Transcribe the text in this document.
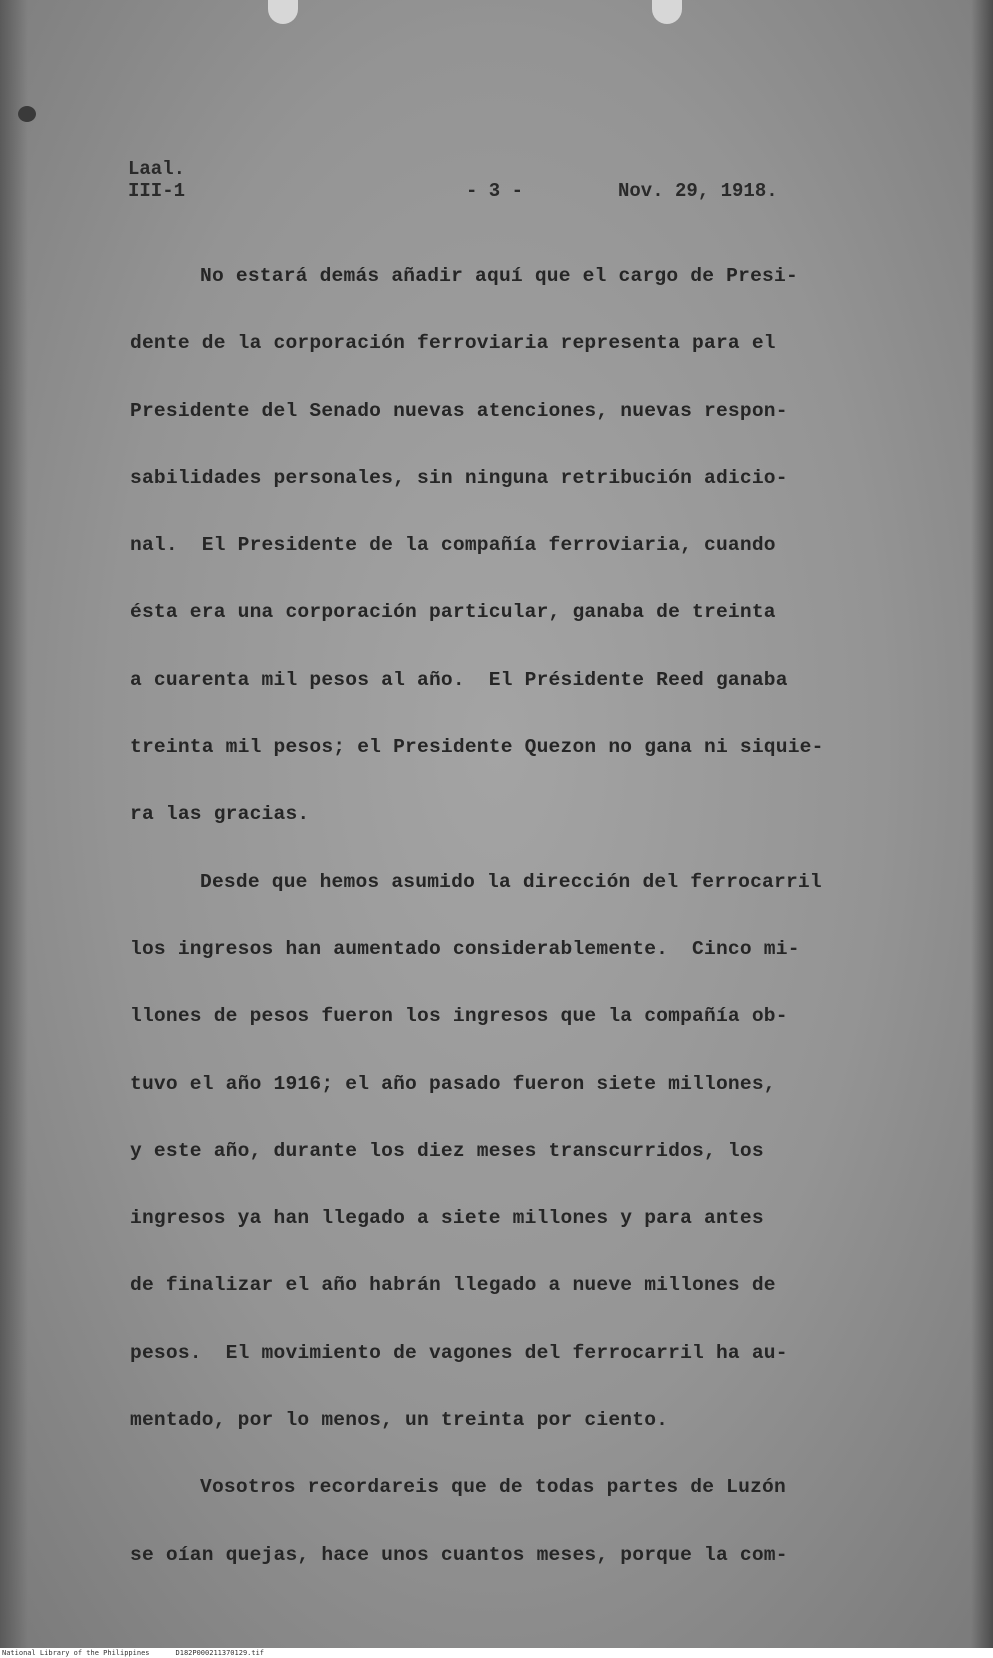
Laal.
III-1	- 3 -	Nov. 29, 1918.
No estará demás añadir aquí que el cargo de Presi-
dente de la corporación ferroviaria representa para el
Presidente del Senado nuevas atenciones, nuevas respon-
sabilidades personales, sin ninguna retribución adicio-
nal.  El Presidente de la compañía ferroviaria, cuando
ésta era una corporación particular, ganaba de treinta
a cuarenta mil pesos al año.  El Présidente Reed ganaba
treinta mil pesos; el Presidente Quezon no gana ni siquie-
ra las gracias.
Desde que hemos asumido la dirección del ferrocarril
los ingresos han aumentado considerablemente.  Cinco mi-
llones de pesos fueron los ingresos que la compañía ob-
tuvo el año 1916; el año pasado fueron siete millones,
y este año, durante los diez meses transcurridos, los
ingresos ya han llegado a siete millones y para antes
de finalizar el año habrán llegado a nueve millones de
pesos.  El movimiento de vagones del ferrocarril ha au-
mentado, por lo menos, un treinta por ciento.
Vosotros recordareis que de todas partes de Luzón
se oían quejas, hace unos cuantos meses, porque la com-
National Library of the Philippines	D182P000211370129.tif
